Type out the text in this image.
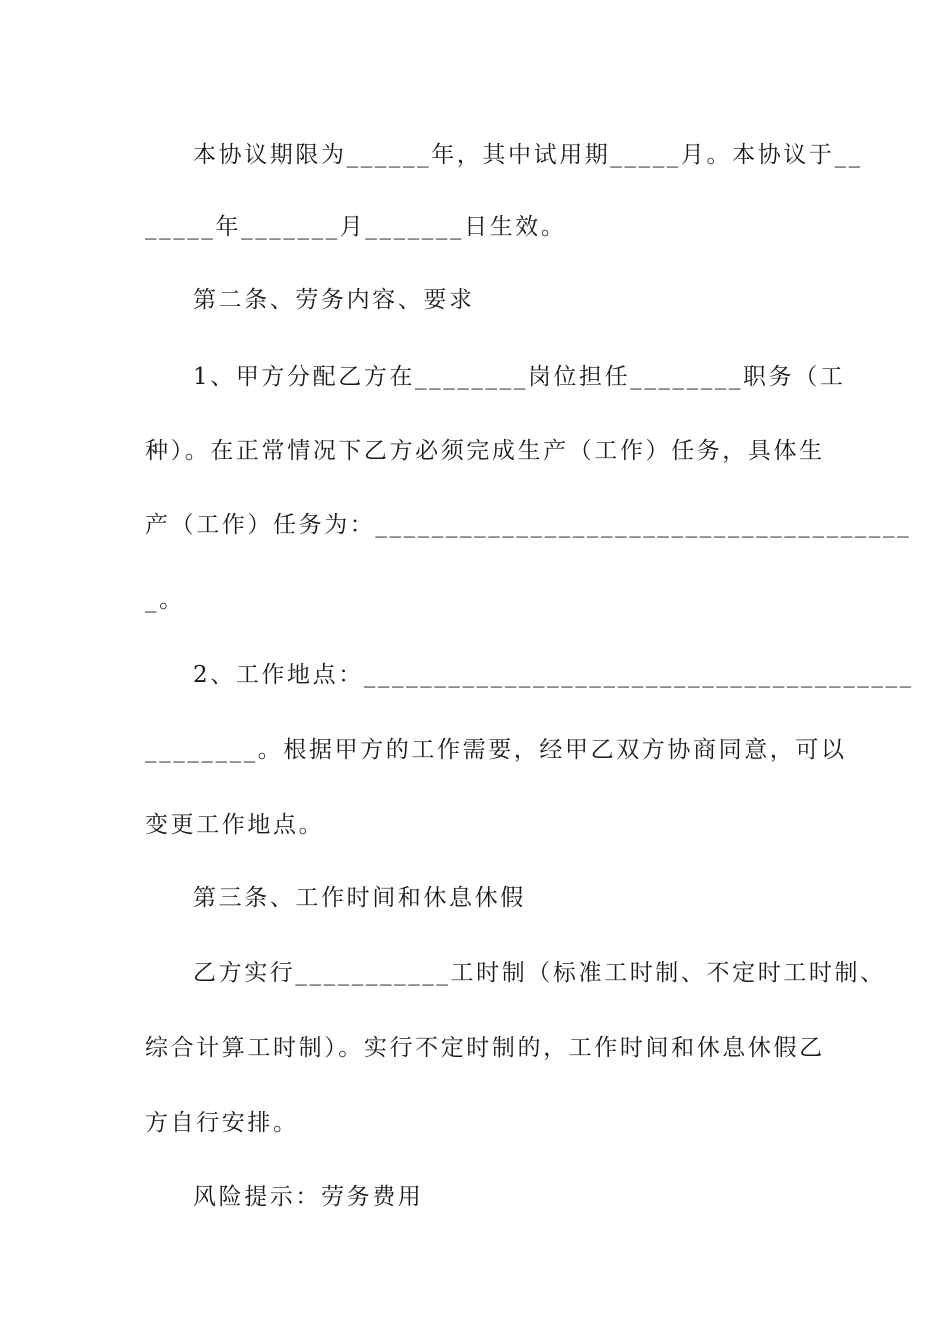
本协议期限为______年，其中试用期_____月。本协议于__
_____年_______月_______日生效。
第二条、劳务内容、要求
1、甲方分配乙方在________岗位担任________职务（工
种）。在正常情况下乙方必须完成生产（工作）任务，具体生
产（工作）任务为：______________________________________
_。
2、工作地点：_______________________________________
________。根据甲方的工作需要，经甲乙双方协商同意，可以
变更工作地点。
第三条、工作时间和休息休假
乙方实行___________工时制（标准工时制、不定时工时制、
综合计算工时制）。实行不定时制的，工作时间和休息休假乙
方自行安排。
风险提示：劳务费用
